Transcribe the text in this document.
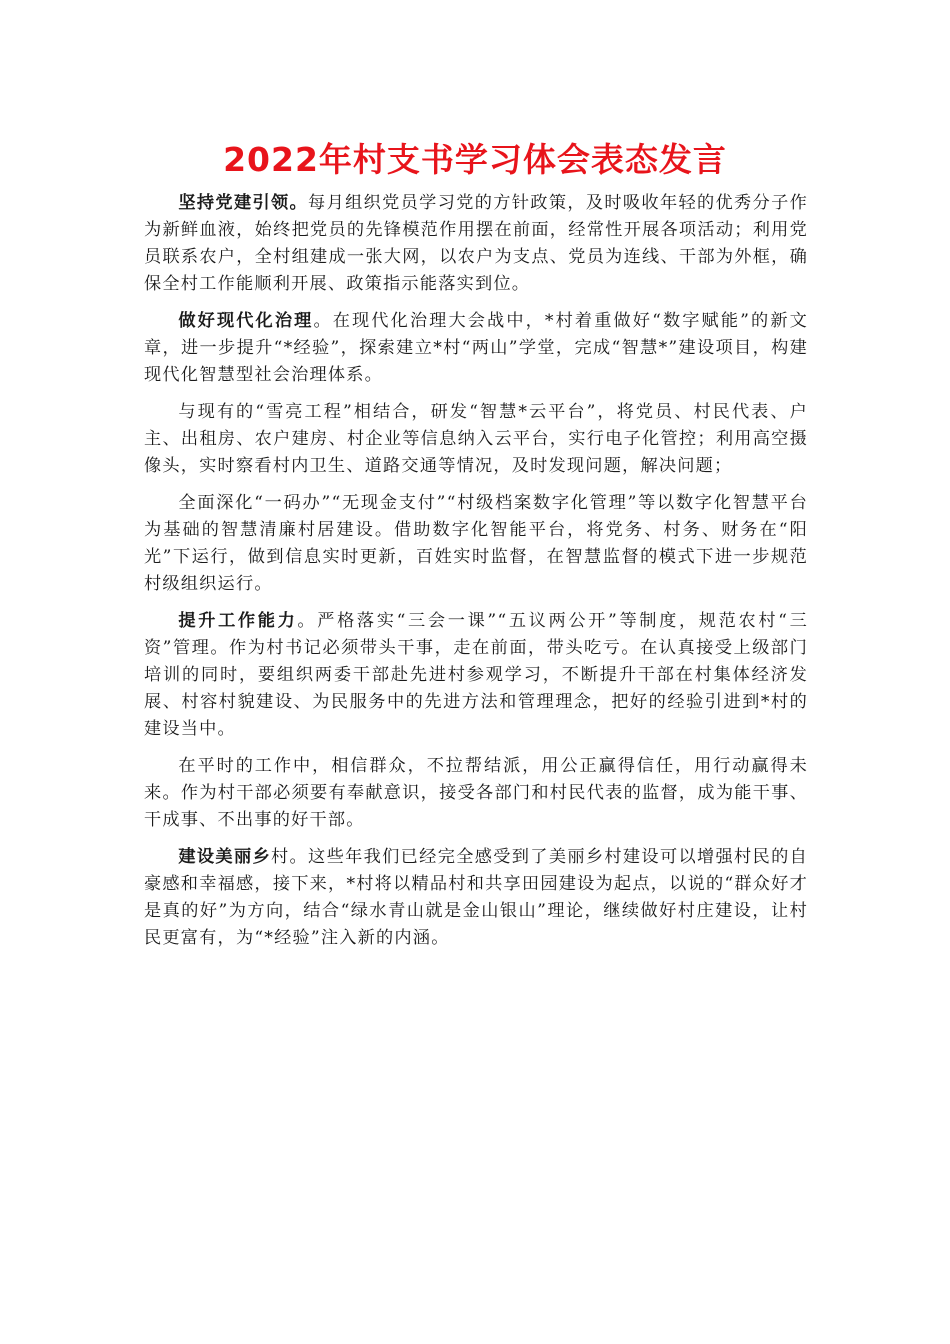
2022年村支书学习体会表态发言

坚持党建引领。每月组织党员学习党的方针政策，及时吸收年轻的优秀分子作为新鲜血液，始终把党员的先锋模范作用摆在前面，经常性开展各项活动；利用党员联系农户，全村组建成一张大网，以农户为支点、党员为连线、干部为外框，确保全村工作能顺利开展、政策指示能落实到位。

做好现代化治理。在现代化治理大会战中，*村着重做好“数字赋能”的新文章，进一步提升“*经验”，探索建立*村“两山”学堂，完成“智慧*”建设项目，构建现代化智慧型社会治理体系。

与现有的“雪亮工程”相结合，研发“智慧*云平台”，将党员、村民代表、户主、出租房、农户建房、村企业等信息纳入云平台，实行电子化管控；利用高空摄像头，实时察看村内卫生、道路交通等情况，及时发现问题，解决问题；

全面深化“一码办”“无现金支付”“村级档案数字化管理”等以数字化智慧平台为基础的智慧清廉村居建设。借助数字化智能平台，将党务、村务、财务在“阳光”下运行，做到信息实时更新，百姓实时监督，在智慧监督的模式下进一步规范村级组织运行。

提升工作能力。严格落实“三会一课”“五议两公开”等制度，规范农村“三资”管理。作为村书记必须带头干事，走在前面，带头吃亏。在认真接受上级部门培训的同时，要组织两委干部赴先进村参观学习，不断提升干部在村集体经济发展、村容村貌建设、为民服务中的先进方法和管理理念，把好的经验引进到*村的建设当中。

在平时的工作中，相信群众，不拉帮结派，用公正赢得信任，用行动赢得未来。作为村干部必须要有奉献意识，接受各部门和村民代表的监督，成为能干事、干成事、不出事的好干部。

建设美丽乡村。这些年我们已经完全感受到了美丽乡村建设可以增强村民的自豪感和幸福感，接下来，*村将以精品村和共享田园建设为起点，以说的“群众好才是真的好”为方向，结合“绿水青山就是金山银山”理论，继续做好村庄建设，让村民更富有，为“*经验”注入新的内涵。
